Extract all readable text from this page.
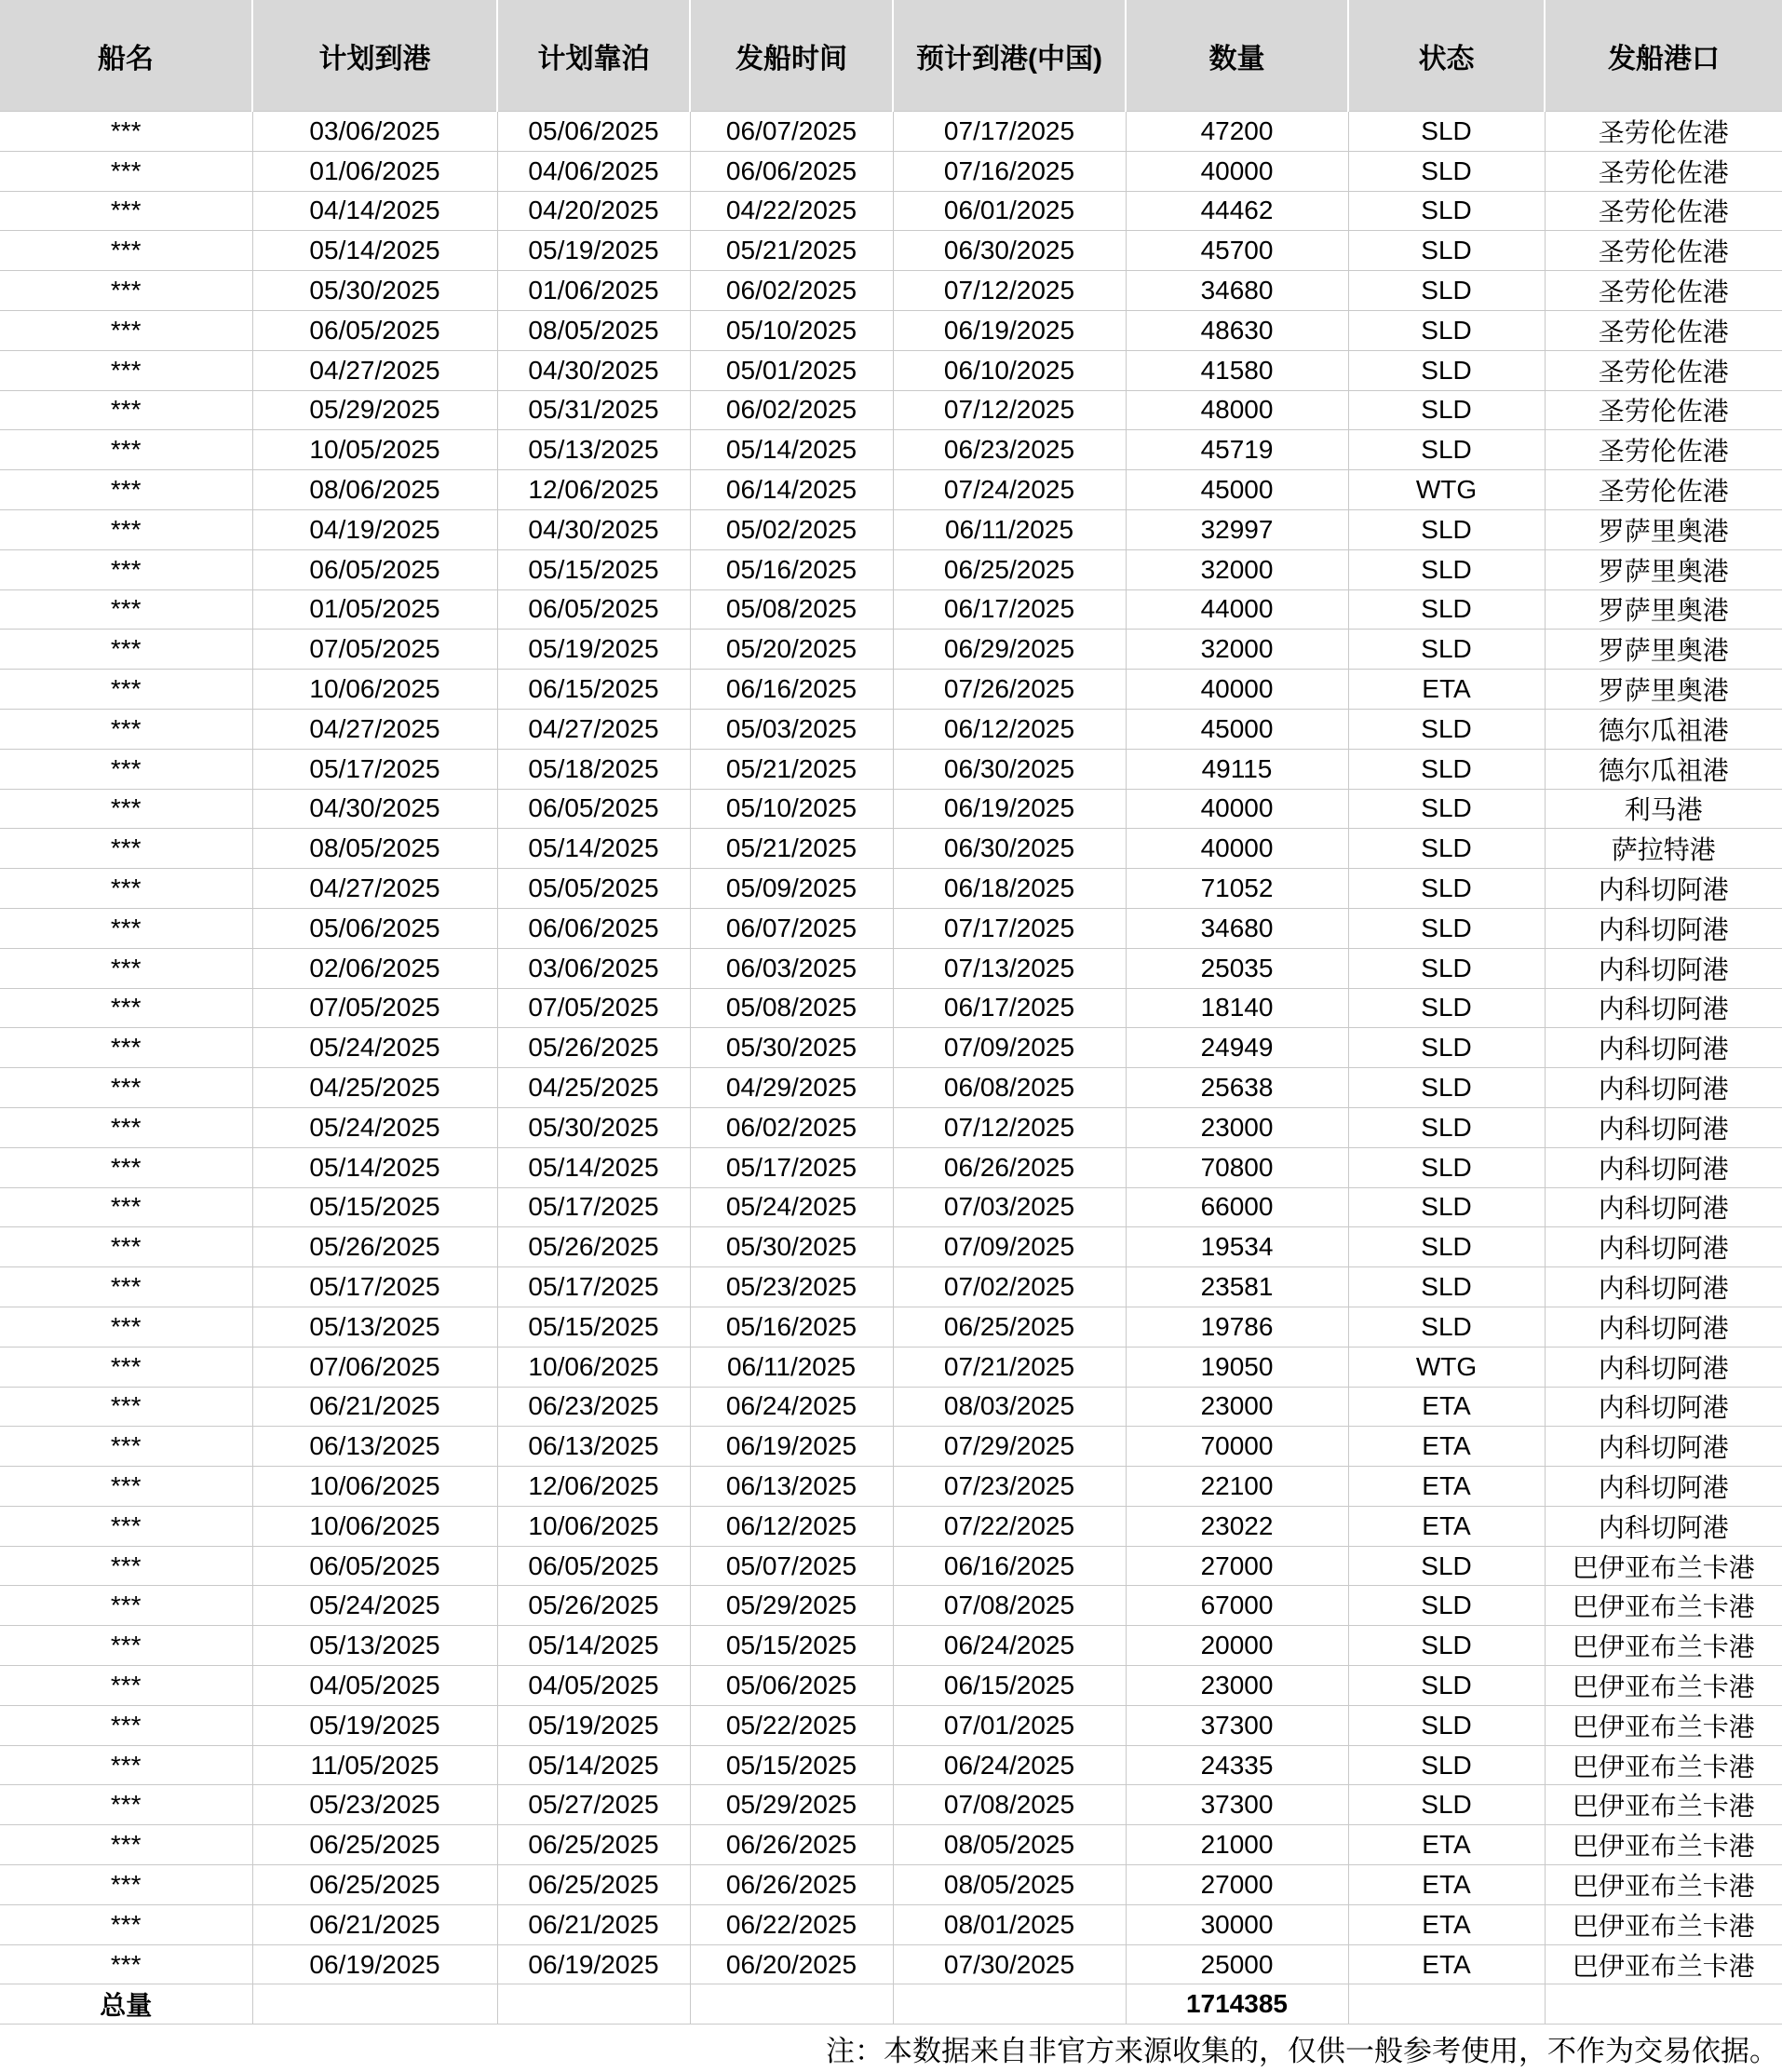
船名	计划到港	计划靠泊	发船时间	预计到港(中国)	数量	状态	发船港口
***	03/06/2025	05/06/2025	06/07/2025	07/17/2025	47200	SLD	圣劳伦佐港
***	01/06/2025	04/06/2025	06/06/2025	07/16/2025	40000	SLD	圣劳伦佐港
***	04/14/2025	04/20/2025	04/22/2025	06/01/2025	44462	SLD	圣劳伦佐港
***	05/14/2025	05/19/2025	05/21/2025	06/30/2025	45700	SLD	圣劳伦佐港
***	05/30/2025	01/06/2025	06/02/2025	07/12/2025	34680	SLD	圣劳伦佐港
***	06/05/2025	08/05/2025	05/10/2025	06/19/2025	48630	SLD	圣劳伦佐港
***	04/27/2025	04/30/2025	05/01/2025	06/10/2025	41580	SLD	圣劳伦佐港
***	05/29/2025	05/31/2025	06/02/2025	07/12/2025	48000	SLD	圣劳伦佐港
***	10/05/2025	05/13/2025	05/14/2025	06/23/2025	45719	SLD	圣劳伦佐港
***	08/06/2025	12/06/2025	06/14/2025	07/24/2025	45000	WTG	圣劳伦佐港
***	04/19/2025	04/30/2025	05/02/2025	06/11/2025	32997	SLD	罗萨里奥港
***	06/05/2025	05/15/2025	05/16/2025	06/25/2025	32000	SLD	罗萨里奥港
***	01/05/2025	06/05/2025	05/08/2025	06/17/2025	44000	SLD	罗萨里奥港
***	07/05/2025	05/19/2025	05/20/2025	06/29/2025	32000	SLD	罗萨里奥港
***	10/06/2025	06/15/2025	06/16/2025	07/26/2025	40000	ETA	罗萨里奥港
***	04/27/2025	04/27/2025	05/03/2025	06/12/2025	45000	SLD	德尔瓜祖港
***	05/17/2025	05/18/2025	05/21/2025	06/30/2025	49115	SLD	德尔瓜祖港
***	04/30/2025	06/05/2025	05/10/2025	06/19/2025	40000	SLD	利马港
***	08/05/2025	05/14/2025	05/21/2025	06/30/2025	40000	SLD	萨拉特港
***	04/27/2025	05/05/2025	05/09/2025	06/18/2025	71052	SLD	内科切阿港
***	05/06/2025	06/06/2025	06/07/2025	07/17/2025	34680	SLD	内科切阿港
***	02/06/2025	03/06/2025	06/03/2025	07/13/2025	25035	SLD	内科切阿港
***	07/05/2025	07/05/2025	05/08/2025	06/17/2025	18140	SLD	内科切阿港
***	05/24/2025	05/26/2025	05/30/2025	07/09/2025	24949	SLD	内科切阿港
***	04/25/2025	04/25/2025	04/29/2025	06/08/2025	25638	SLD	内科切阿港
***	05/24/2025	05/30/2025	06/02/2025	07/12/2025	23000	SLD	内科切阿港
***	05/14/2025	05/14/2025	05/17/2025	06/26/2025	70800	SLD	内科切阿港
***	05/15/2025	05/17/2025	05/24/2025	07/03/2025	66000	SLD	内科切阿港
***	05/26/2025	05/26/2025	05/30/2025	07/09/2025	19534	SLD	内科切阿港
***	05/17/2025	05/17/2025	05/23/2025	07/02/2025	23581	SLD	内科切阿港
***	05/13/2025	05/15/2025	05/16/2025	06/25/2025	19786	SLD	内科切阿港
***	07/06/2025	10/06/2025	06/11/2025	07/21/2025	19050	WTG	内科切阿港
***	06/21/2025	06/23/2025	06/24/2025	08/03/2025	23000	ETA	内科切阿港
***	06/13/2025	06/13/2025	06/19/2025	07/29/2025	70000	ETA	内科切阿港
***	10/06/2025	12/06/2025	06/13/2025	07/23/2025	22100	ETA	内科切阿港
***	10/06/2025	10/06/2025	06/12/2025	07/22/2025	23022	ETA	内科切阿港
***	06/05/2025	06/05/2025	05/07/2025	06/16/2025	27000	SLD	巴伊亚布兰卡港
***	05/24/2025	05/26/2025	05/29/2025	07/08/2025	67000	SLD	巴伊亚布兰卡港
***	05/13/2025	05/14/2025	05/15/2025	06/24/2025	20000	SLD	巴伊亚布兰卡港
***	04/05/2025	04/05/2025	05/06/2025	06/15/2025	23000	SLD	巴伊亚布兰卡港
***	05/19/2025	05/19/2025	05/22/2025	07/01/2025	37300	SLD	巴伊亚布兰卡港
***	11/05/2025	05/14/2025	05/15/2025	06/24/2025	24335	SLD	巴伊亚布兰卡港
***	05/23/2025	05/27/2025	05/29/2025	07/08/2025	37300	SLD	巴伊亚布兰卡港
***	06/25/2025	06/25/2025	06/26/2025	08/05/2025	21000	ETA	巴伊亚布兰卡港
***	06/25/2025	06/25/2025	06/26/2025	08/05/2025	27000	ETA	巴伊亚布兰卡港
***	06/21/2025	06/21/2025	06/22/2025	08/01/2025	30000	ETA	巴伊亚布兰卡港
***	06/19/2025	06/19/2025	06/20/2025	07/30/2025	25000	ETA	巴伊亚布兰卡港
总量					1714385		
注：本数据来自非官方来源收集的，仅供一般参考使用，不作为交易依据。
